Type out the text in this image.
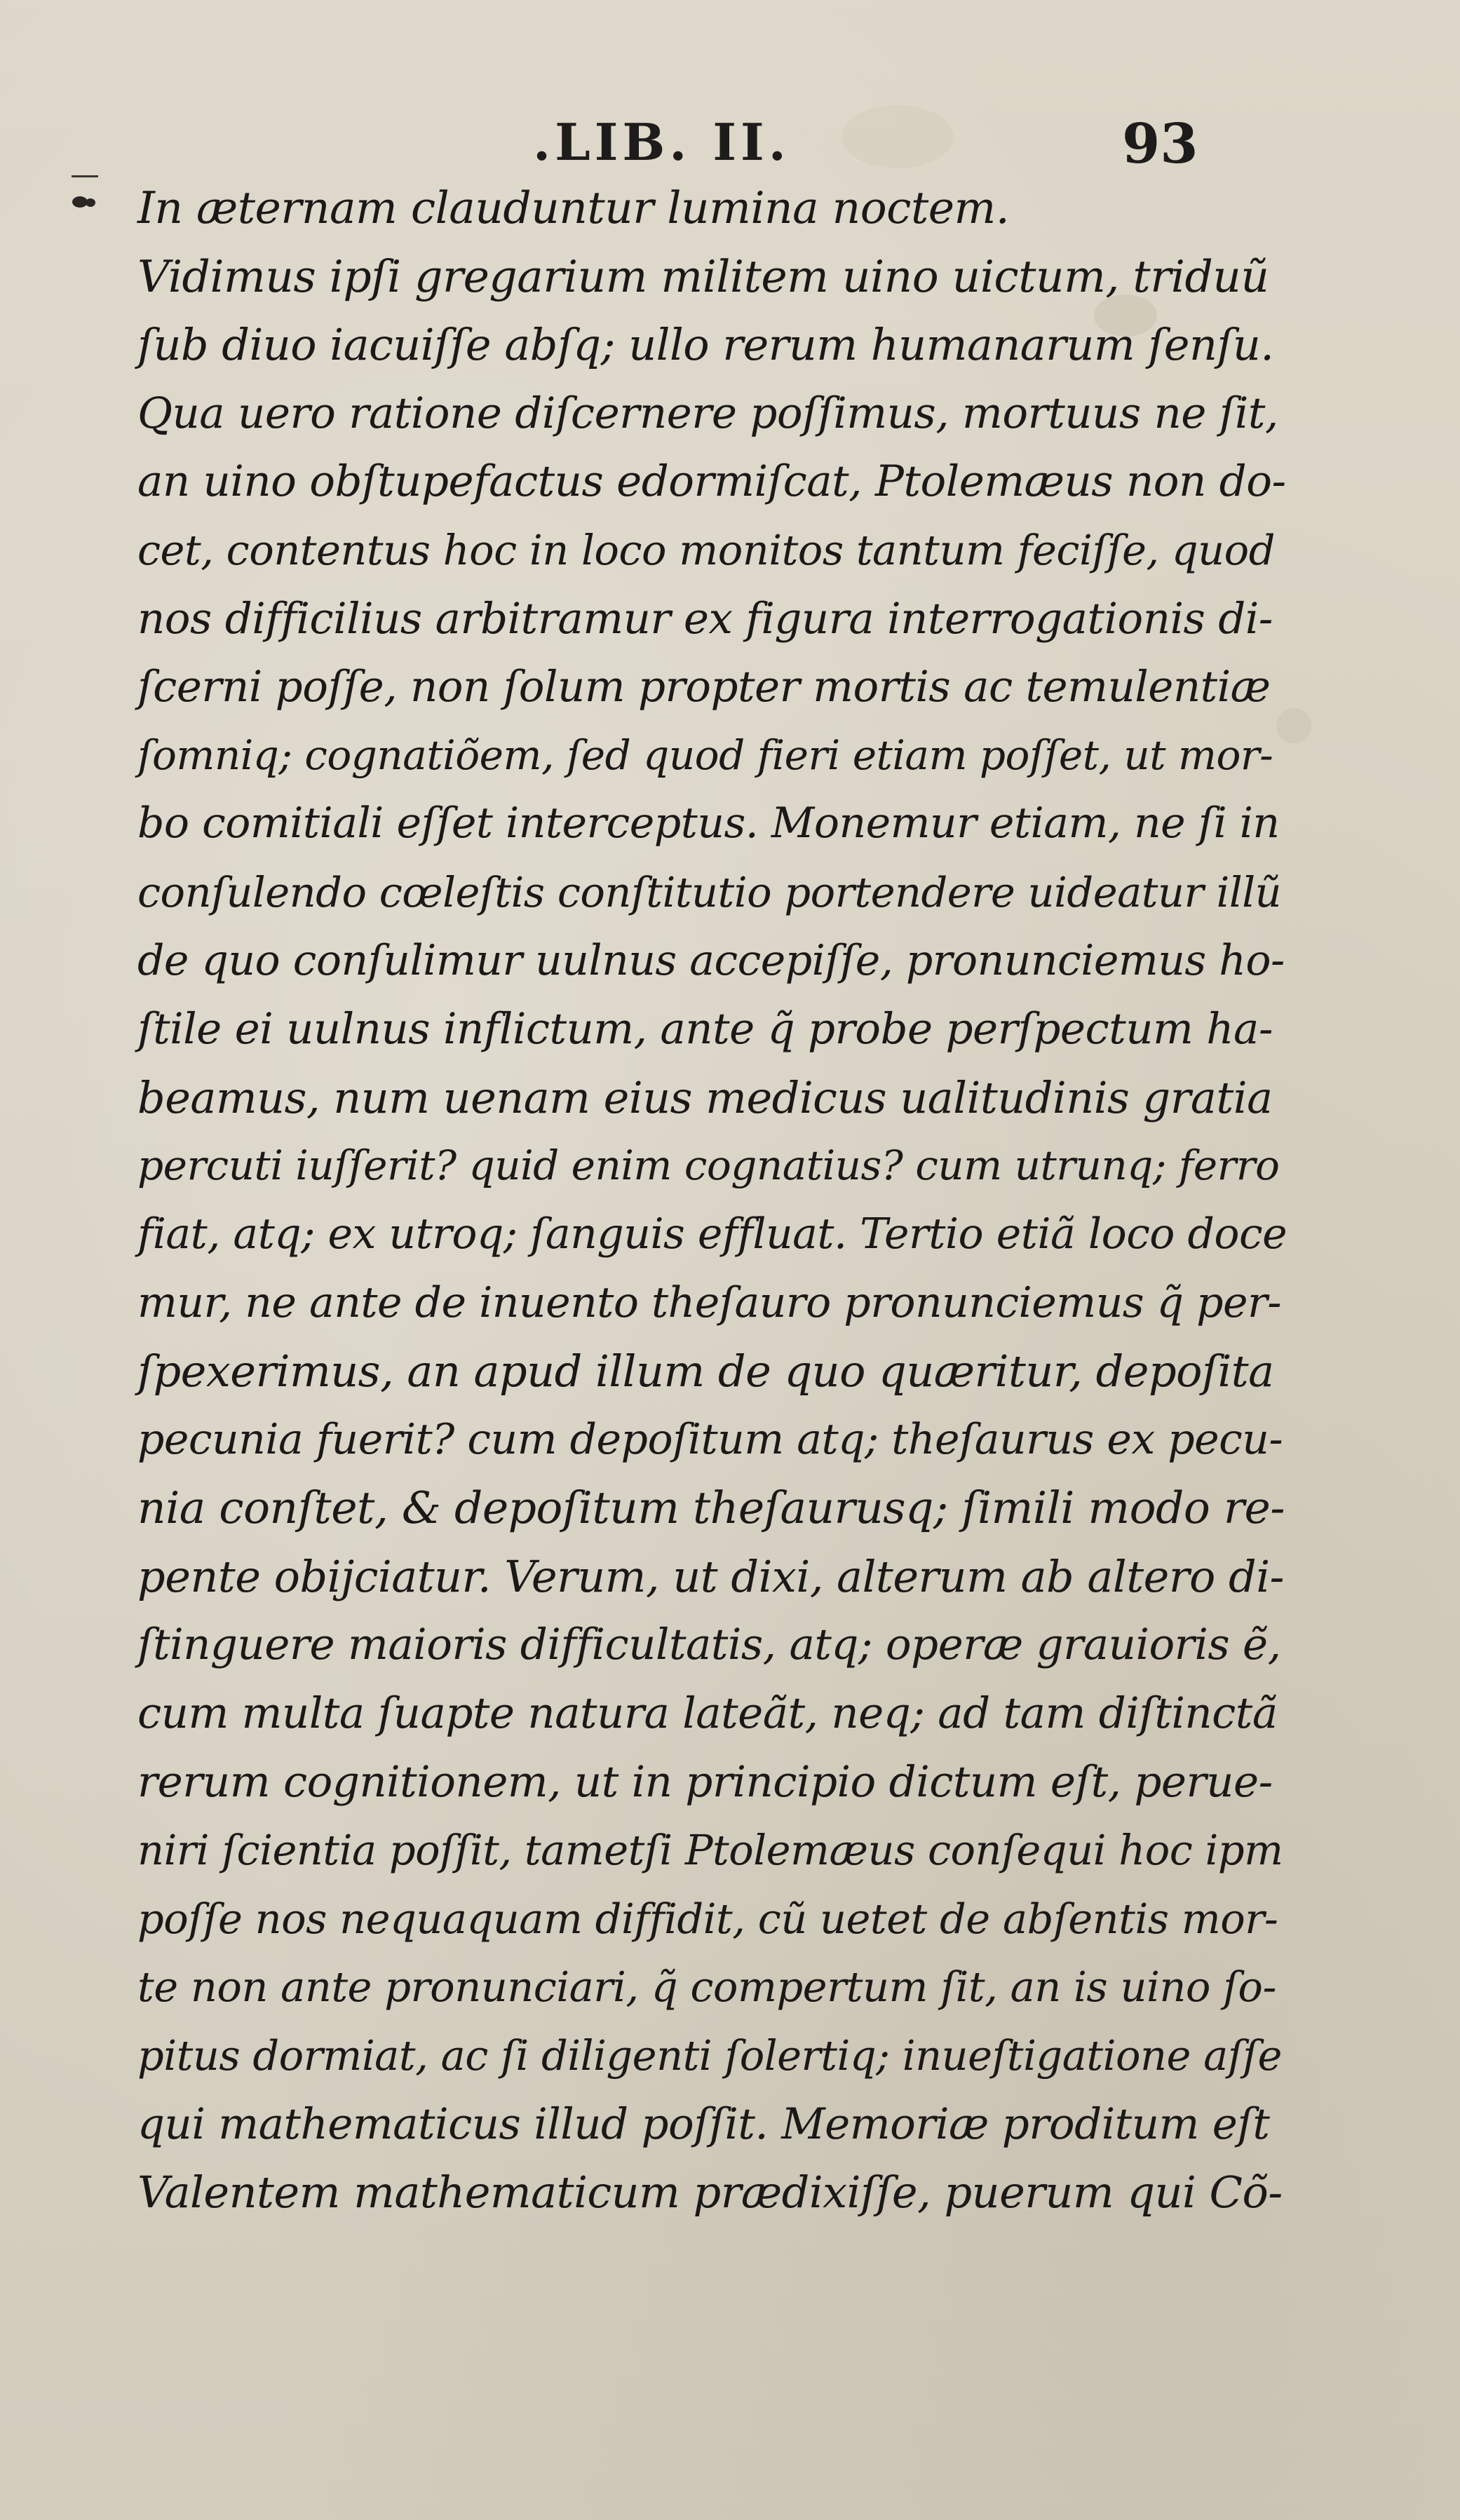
.LIB. II.	93
In æternam clauduntur lumina noctem.
Vidimus ipſi gregarium militem uino uictum, triduũ
ſub diuo iacuiſſe abſq; ullo rerum humanarum ſenſu.
Qua uero ratione diſcernere poſſimus, mortuus ne ſit,
an uino obſtupefactus edormiſcat, Ptolemæus non do-
cet, contentus hoc in loco monitos tantum feciſſe, quod
nos difficilius arbitramur ex figura interrogationis di-
ſcerni poſſe, non ſolum propter mortis ac temulentiæ
ſomniq; cognatiõem, ſed quod fieri etiam poſſet, ut mor-
bo comitiali eſſet interceptus. Monemur etiam, ne ſi in
conſulendo cœleſtis conſtitutio portendere uideatur illũ
de quo conſulimur uulnus accepiſſe, pronunciemus ho-
ſtile ei uulnus inflictum, ante q̃ probe perſpectum ha-
beamus, num uenam eius medicus ualitudinis gratia
percuti iuſſerit? quid enim cognatius? cum utrunq; ferro
fiat, atq; ex utroq; ſanguis effluat. Tertio etiã loco doce
mur, ne ante de inuento theſauro pronunciemus q̃ per-
ſpexerimus, an apud illum de quo quæritur, depoſita
pecunia fuerit? cum depoſitum atq; theſaurus ex pecu-
nia conſtet, & depoſitum theſaurusq; ſimili modo re-
pente obijciatur. Verum, ut dixi, alterum ab altero di-
ſtinguere maioris difficultatis, atq; operæ grauioris ẽ,
cum multa ſuapte natura lateãt, neq; ad tam diſtinctã
rerum cognitionem, ut in principio dictum eſt, perue-
niri ſcientia poſſit, tametſi Ptolemæus conſequi hoc ipm
poſſe nos nequaquam diffidit, cũ uetet de abſentis mor-
te non ante pronunciari, q̃ compertum ſit, an is uino ſo-
pitus dormiat, ac ſi diligenti ſolertiq; inueſtigatione aſſe
qui mathematicus illud poſſit. Memoriæ proditum eſt
Valentem mathematicum prædixiſſe, puerum qui Cõ-
